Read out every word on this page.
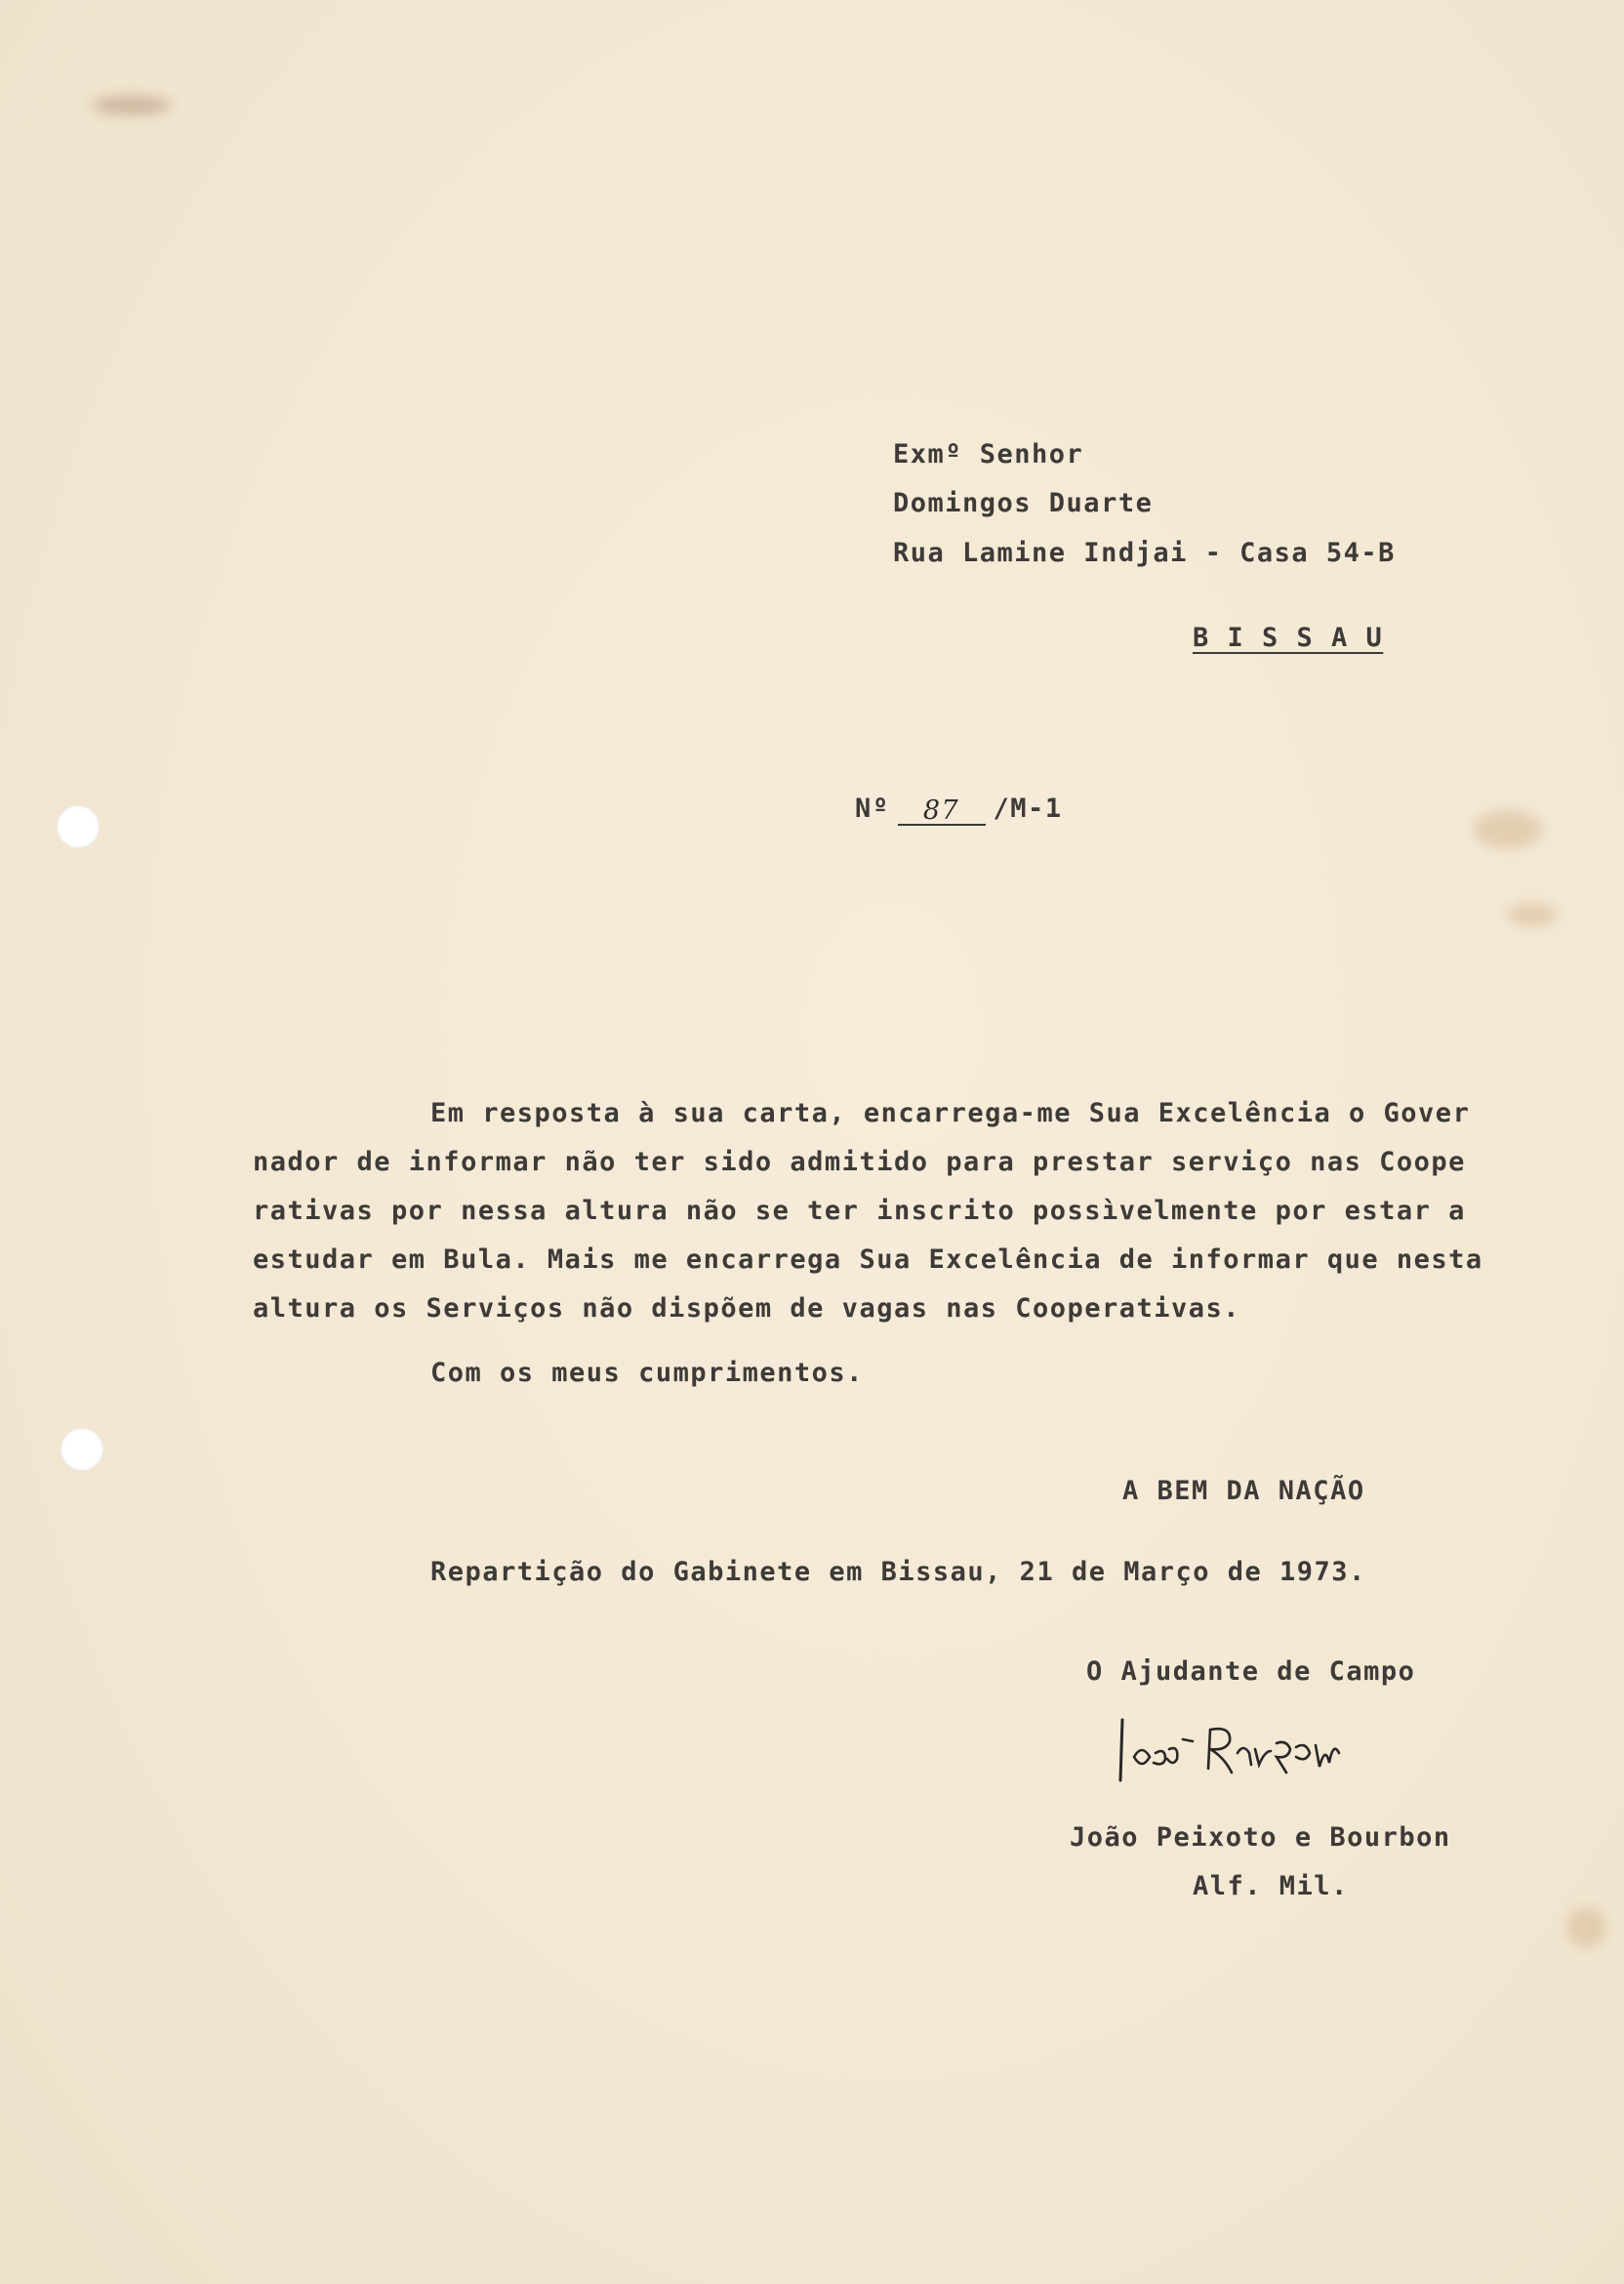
Exmº Senhor
Domingos Duarte
Rua Lamine Indjai - Casa 54-B
B I S S A U

Nº 87 /M-1

Em resposta à sua carta, encarrega-me Sua Excelência o Gover
nador de informar não ter sido admitido para prestar serviço nas Coope
rativas por nessa altura não se ter inscrito possìvelmente por estar a
estudar em Bula. Mais me encarrega Sua Excelência de informar que nesta
altura os Serviços não dispõem de vagas nas Cooperativas.
Com os meus cumprimentos.
A BEM DA NAÇÃO
Repartição do Gabinete em Bissau, 21 de Março de 1973.
O Ajudante de Campo
João Peixoto e Bourbon
Alf. Mil.
